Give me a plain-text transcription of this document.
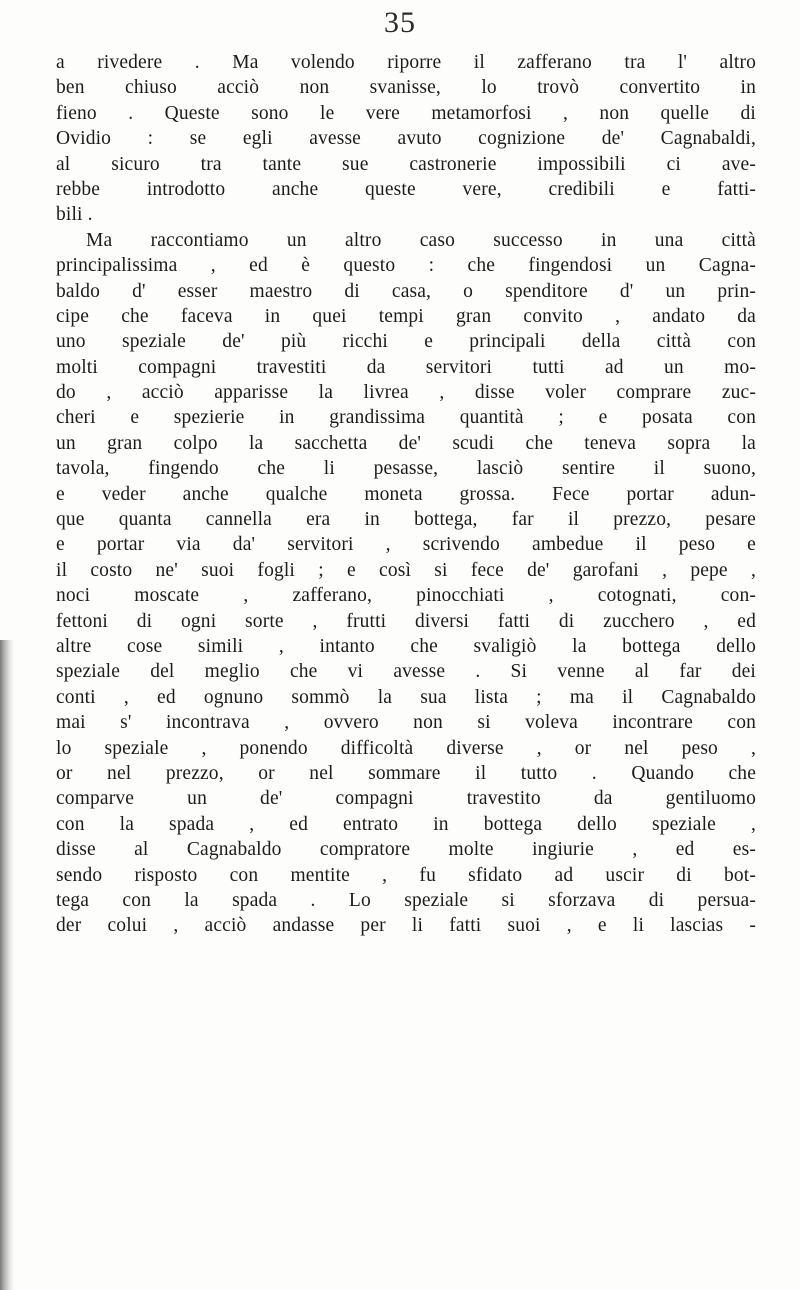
35
a rivedere . Ma volendo riporre il zafferano tra l' altro
ben chiuso acciò non svanisse, lo trovò convertito in
fieno . Queste sono le vere metamorfosi , non quelle di
Ovidio : se egli avesse avuto cognizione de' Cagnabaldi,
al sicuro tra tante sue castronerie impossibili ci ave-
rebbe introdotto anche queste vere, credibili e fatti-
bili .
Ma raccontiamo un altro caso successo in una città
principalissima , ed è questo : che fingendosi un Cagna-
baldo d' esser maestro di casa, o spenditore d' un prin-
cipe che faceva in quei tempi gran convito , andato da
uno speziale de' più ricchi e principali della città con
molti compagni travestiti da servitori tutti ad un mo-
do , acciò apparisse la livrea , disse voler comprare zuc-
cheri e spezierie in grandissima quantità ; e posata con
un gran colpo la sacchetta de' scudi che teneva sopra la
tavola, fingendo che li pesasse, lasciò sentire il suono,
e veder anche qualche moneta grossa. Fece portar adun-
que quanta cannella era in bottega, far il prezzo, pesare
e portar via da' servitori , scrivendo ambedue il peso e
il costo ne' suoi fogli ; e così si fece de' garofani , pepe ,
noci moscate , zafferano, pinocchiati , cotognati, con-
fettoni di ogni sorte , frutti diversi fatti di zucchero , ed
altre cose simili , intanto che svaligiò la bottega dello
speziale del meglio che vi avesse . Si venne al far dei
conti , ed ognuno sommò la sua lista ; ma il Cagnabaldo
mai s' incontrava , ovvero non si voleva incontrare con
lo speziale , ponendo difficoltà diverse , or nel peso ,
or nel prezzo, or nel sommare il tutto . Quando che
comparve un de' compagni travestito da gentiluomo
con la spada , ed entrato in bottega dello speziale ,
disse al Cagnabaldo compratore molte ingiurie , ed es-
sendo risposto con mentite , fu sfidato ad uscir di bot-
tega con la spada . Lo speziale si sforzava di persua-
der colui , acciò andasse per li fatti suoi , e li lascias -
